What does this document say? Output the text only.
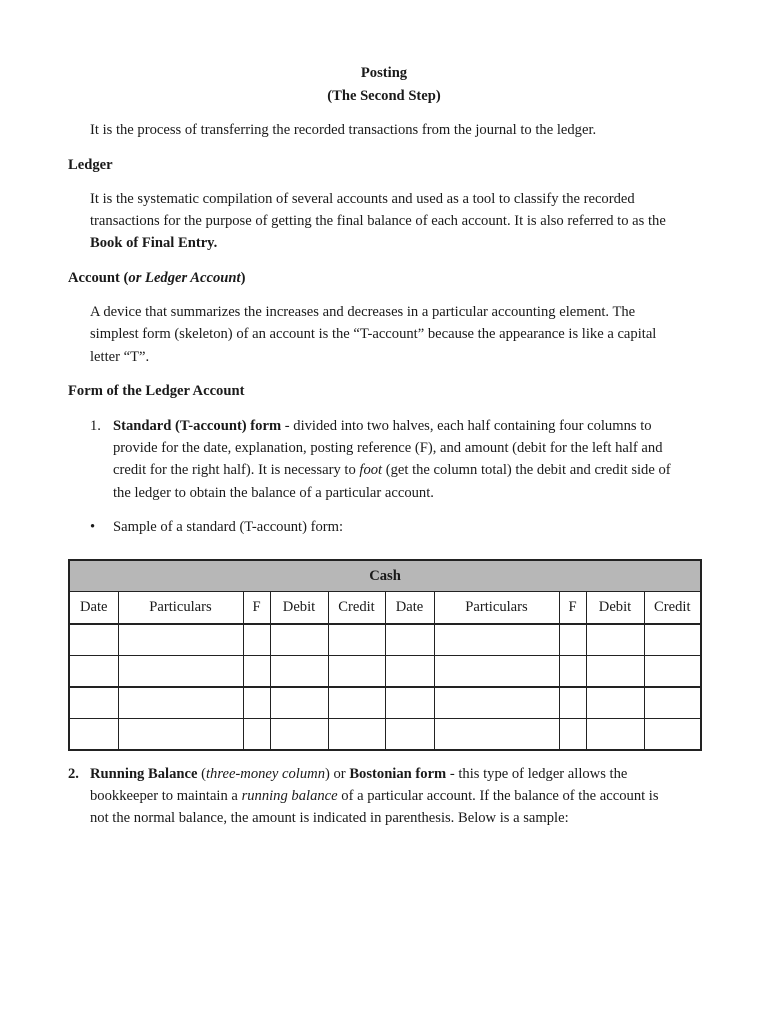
Posting
(The Second Step)
It is the process of transferring the recorded transactions from the journal to the ledger.
Ledger
It is the systematic compilation of several accounts and used as a tool to classify the recorded
transactions for the purpose of getting the final balance of each account. It is also referred to as the
Book of Final Entry.
Account (or Ledger Account)
A device that summarizes the increases and decreases in a particular accounting element. The
simplest form (skeleton) of an account is the “T-account” because the appearance is like a capital
letter “T”.
Form of the Ledger Account
1. Standard (T-account) form - divided into two halves, each half containing four columns to
provide for the date, explanation, posting reference (F), and amount (debit for the left half and
credit for the right half). It is necessary to foot (get the column total) the debit and credit side of
the ledger to obtain the balance of a particular account.
• Sample of a standard (T-account) form:
Cash									
Date	Particulars	F	Debit	Credit	Date	Particulars	F	Debit	Credit

2. Running Balance (three-money column) or Bostonian form - this type of ledger allows the
bookkeeper to maintain a running balance of a particular account. If the balance of the account is
not the normal balance, the amount is indicated in parenthesis. Below is a sample:
